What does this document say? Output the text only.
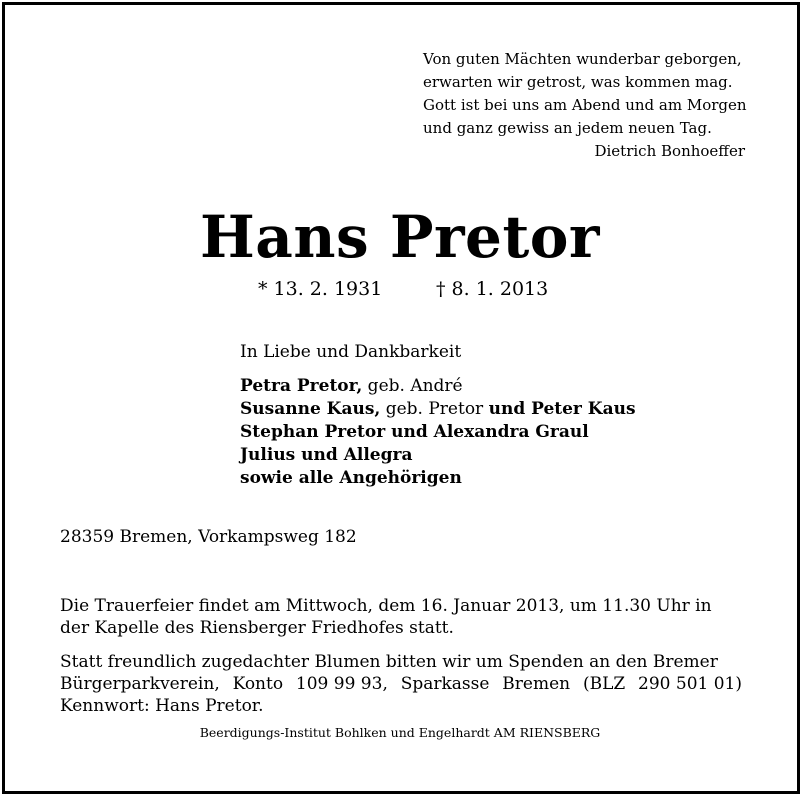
Von guten Mächten wunderbar geborgen,
erwarten wir getrost, was kommen mag.
Gott ist bei uns am Abend und am Morgen
und ganz gewiss an jedem neuen Tag.
Dietrich Bonhoeffer
Hans Pretor
* 13. 2. 1931	† 8. 1. 2013
In Liebe und Dankbarkeit
Petra Pretor, geb. André
Susanne Kaus, geb. Pretor und Peter Kaus
Stephan Pretor und Alexandra Graul
Julius und Allegra
sowie alle Angehörigen
28359 Bremen, Vorkampsweg 182
Die Trauerfeier findet am Mittwoch, dem 16. Januar 2013, um 11.30 Uhr in
der Kapelle des Riensberger Friedhofes statt.
Statt freundlich zugedachter Blumen bitten wir um Spenden an den Bremer
Bürgerparkverein, Konto 109 99 93, Sparkasse Bremen (BLZ 290 501 01)
Kennwort: Hans Pretor.
Beerdigungs-Institut Bohlken und Engelhardt AM RIENSBERG
